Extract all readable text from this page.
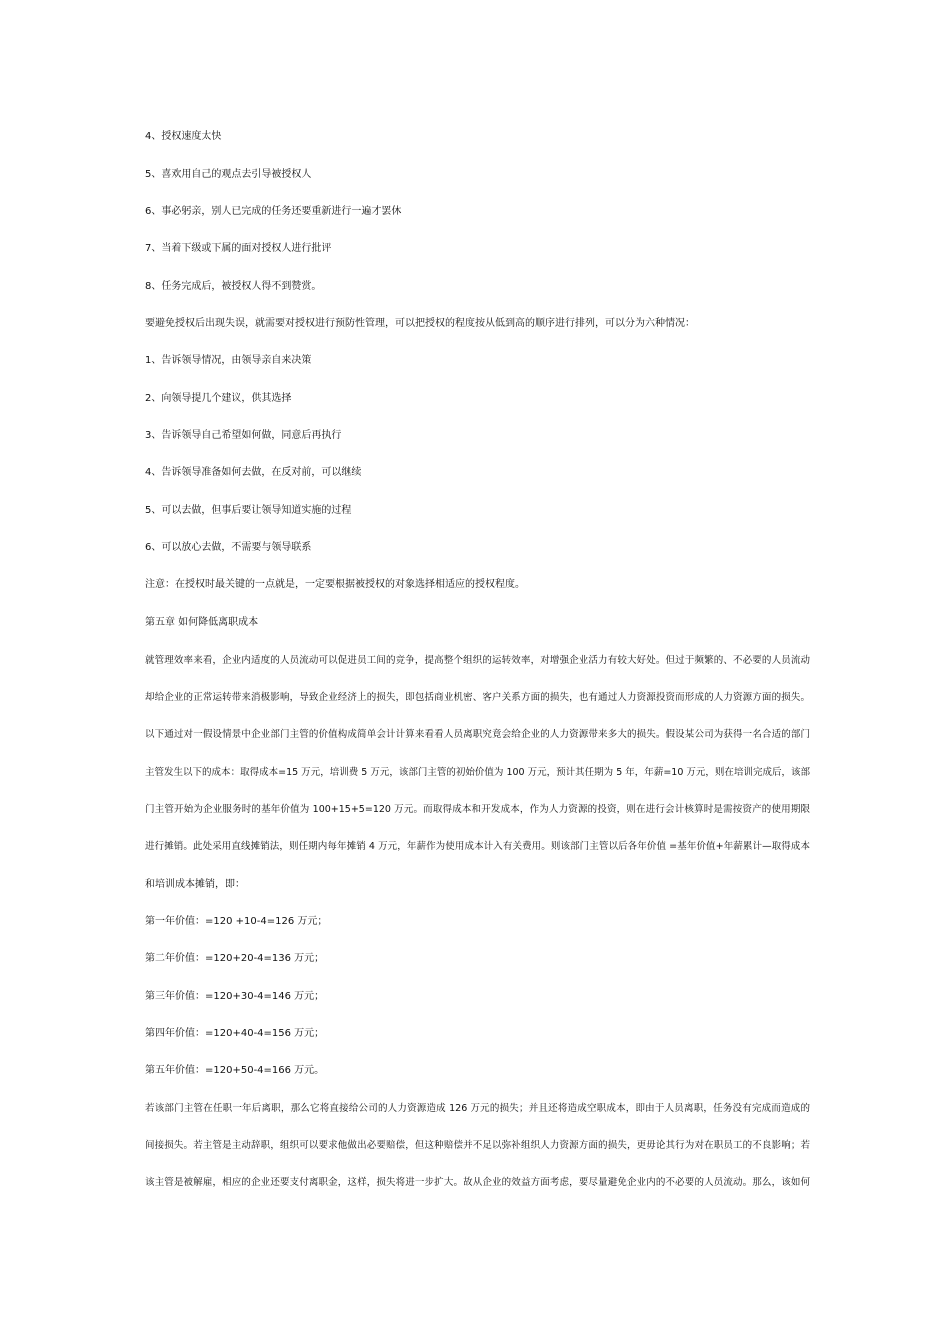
4、授权速度太快
5、喜欢用自己的观点去引导被授权人
6、事必躬亲，别人已完成的任务还要重新进行一遍才罢休
7、当着下级或下属的面对授权人进行批评
8、任务完成后，被授权人得不到赞赏。
要避免授权后出现失误，就需要对授权进行预防性管理，可以把授权的程度按从低到高的顺序进行排列，可以分为六种情况：
1、告诉领导情况，由领导亲自来决策
2、向领导提几个建议，供其选择
3、告诉领导自己希望如何做，同意后再执行
4、告诉领导准备如何去做，在反对前，可以继续
5、可以去做，但事后要让领导知道实施的过程
6、可以放心去做，不需要与领导联系
注意：在授权时最关键的一点就是，一定要根据被授权的对象选择相适应的授权程度。
第五章 如何降低离职成本
就管理效率来看，企业内适度的人员流动可以促进员工间的竞争，提高整个组织的运转效率，对增强企业活力有较大好处。但过于频繁的、不必要的人员流动
却给企业的正常运转带来消极影响，导致企业经济上的损失，即包括商业机密、客户关系方面的损失，也有通过人力资源投资而形成的人力资源方面的损失。
以下通过对一假设情景中企业部门主管的价值构成简单会计计算来看看人员离职究竟会给企业的人力资源带来多大的损失。假设某公司为获得一名合适的部门
主管发生以下的成本：取得成本=15 万元，培训费 5 万元，该部门主管的初始价值为 100 万元，预计其任期为 5 年，年薪=10 万元，则在培训完成后，该部
门主管开始为企业服务时的基年价值为 100+15+5=120 万元。而取得成本和开发成本，作为人力资源的投资，则在进行会计核算时是需按资产的使用期限
进行摊销。此处采用直线摊销法，则任期内每年摊销 4 万元，年薪作为使用成本计入有关费用。则该部门主管以后各年价值 =基年价值+年薪累计—取得成本
和培训成本摊销，即：
第一年价值：=120 +10-4=126 万元；
第二年价值：=120+20-4=136 万元；
第三年价值：=120+30-4=146 万元；
第四年价值：=120+40-4=156 万元；
第五年价值：=120+50-4=166 万元。
若该部门主管在任职一年后离职，那么它将直接给公司的人力资源造成 126 万元的损失；并且还将造成空职成本，即由于人员离职，任务没有完成而造成的
间接损失。若主管是主动辞职，组织可以要求他做出必要赔偿，但这种赔偿并不足以弥补组织人力资源方面的损失，更毋论其行为对在职员工的不良影响；若
该主管是被解雇，相应的企业还要支付离职金，这样，损失将进一步扩大。故从企业的效益方面考虑，要尽量避免企业内的不必要的人员流动。那么，该如何
